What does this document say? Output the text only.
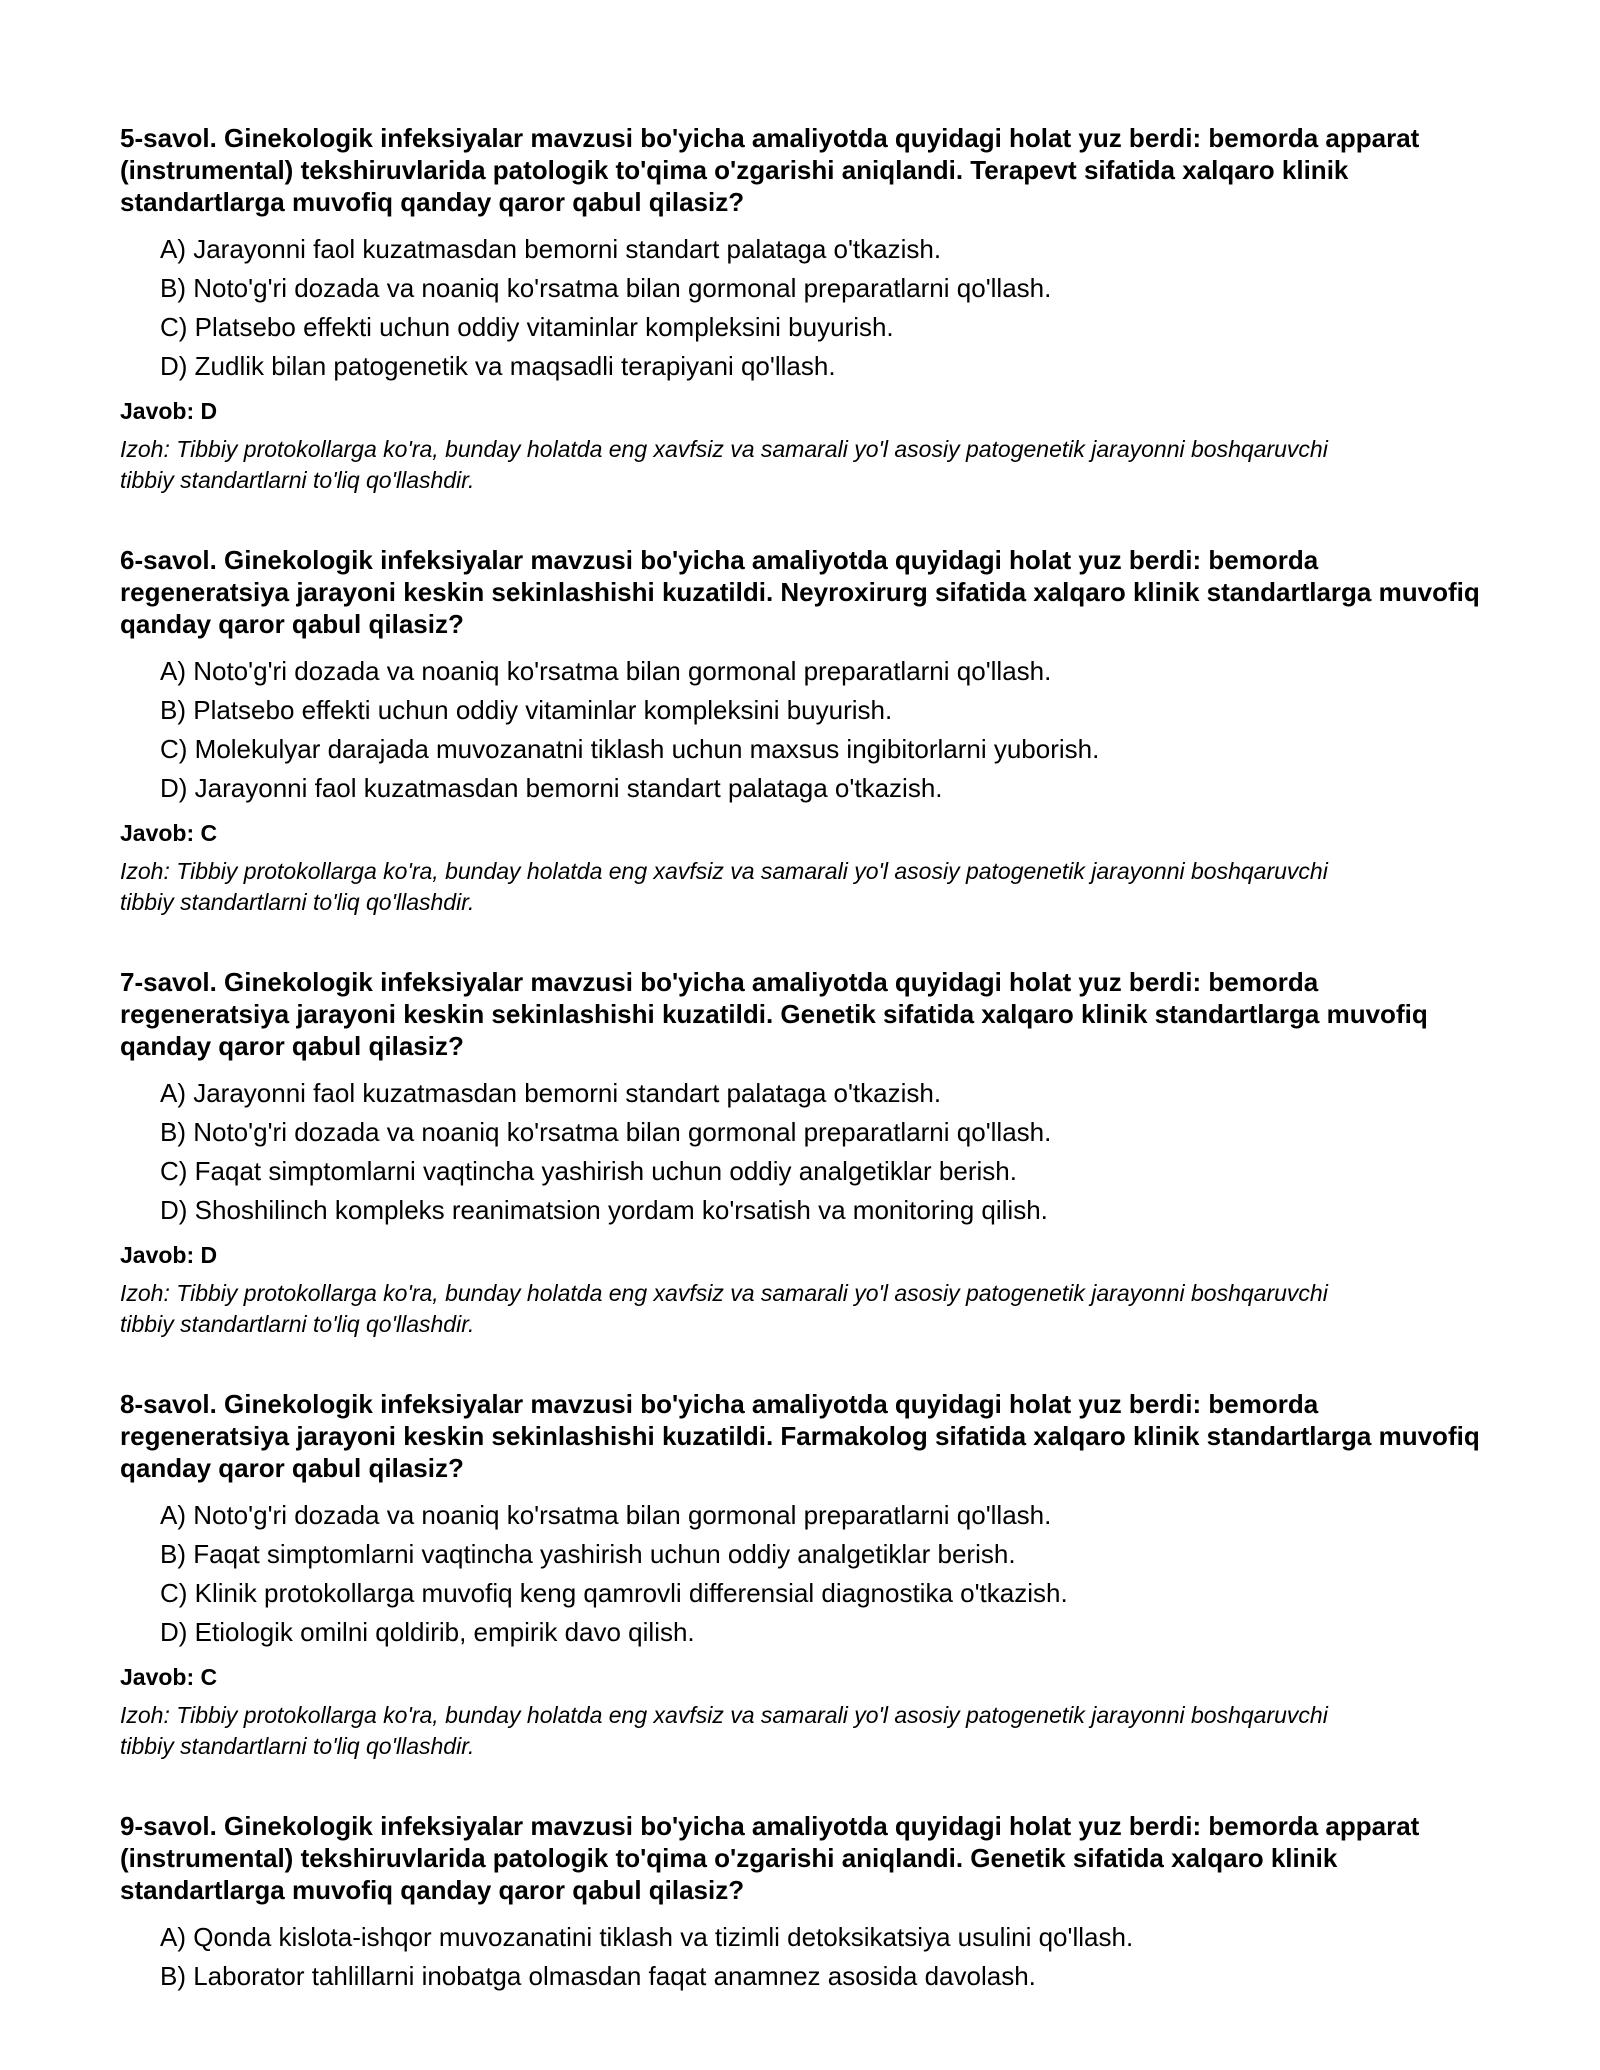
5-savol. Ginekologik infeksiyalar mavzusi bo'yicha amaliyotda quyidagi holat yuz berdi: bemorda apparat (instrumental) tekshiruvlarida patologik to'qima o'zgarishi aniqlandi. Terapevt sifatida xalqaro klinik standartlarga muvofiq qanday qaror qabul qilasiz?
A) Jarayonni faol kuzatmasdan bemorni standart palataga o'tkazish.
B) Noto'g'ri dozada va noaniq ko'rsatma bilan gormonal preparatlarni qo'llash.
C) Platsebo effekti uchun oddiy vitaminlar kompleksini buyurish.
D) Zudlik bilan patogenetik va maqsadli terapiyani qo'llash.
Javob: D
Izoh: Tibbiy protokollarga ko'ra, bunday holatda eng xavfsiz va samarali yo'l asosiy patogenetik jarayonni boshqaruvchi tibbiy standartlarni to'liq qo'llashdir.
6-savol. Ginekologik infeksiyalar mavzusi bo'yicha amaliyotda quyidagi holat yuz berdi: bemorda regeneratsiya jarayoni keskin sekinlashishi kuzatildi. Neyroxirurg sifatida xalqaro klinik standartlarga muvofiq qanday qaror qabul qilasiz?
A) Noto'g'ri dozada va noaniq ko'rsatma bilan gormonal preparatlarni qo'llash.
B) Platsebo effekti uchun oddiy vitaminlar kompleksini buyurish.
C) Molekulyar darajada muvozanatni tiklash uchun maxsus ingibitorlarni yuborish.
D) Jarayonni faol kuzatmasdan bemorni standart palataga o'tkazish.
Javob: C
Izoh: Tibbiy protokollarga ko'ra, bunday holatda eng xavfsiz va samarali yo'l asosiy patogenetik jarayonni boshqaruvchi tibbiy standartlarni to'liq qo'llashdir.
7-savol. Ginekologik infeksiyalar mavzusi bo'yicha amaliyotda quyidagi holat yuz berdi: bemorda regeneratsiya jarayoni keskin sekinlashishi kuzatildi. Genetik sifatida xalqaro klinik standartlarga muvofiq qanday qaror qabul qilasiz?
A) Jarayonni faol kuzatmasdan bemorni standart palataga o'tkazish.
B) Noto'g'ri dozada va noaniq ko'rsatma bilan gormonal preparatlarni qo'llash.
C) Faqat simptomlarni vaqtincha yashirish uchun oddiy analgetiklar berish.
D) Shoshilinch kompleks reanimatsion yordam ko'rsatish va monitoring qilish.
Javob: D
Izoh: Tibbiy protokollarga ko'ra, bunday holatda eng xavfsiz va samarali yo'l asosiy patogenetik jarayonni boshqaruvchi tibbiy standartlarni to'liq qo'llashdir.
8-savol. Ginekologik infeksiyalar mavzusi bo'yicha amaliyotda quyidagi holat yuz berdi: bemorda regeneratsiya jarayoni keskin sekinlashishi kuzatildi. Farmakolog sifatida xalqaro klinik standartlarga muvofiq qanday qaror qabul qilasiz?
A) Noto'g'ri dozada va noaniq ko'rsatma bilan gormonal preparatlarni qo'llash.
B) Faqat simptomlarni vaqtincha yashirish uchun oddiy analgetiklar berish.
C) Klinik protokollarga muvofiq keng qamrovli differensial diagnostika o'tkazish.
D) Etiologik omilni qoldirib, empirik davo qilish.
Javob: C
Izoh: Tibbiy protokollarga ko'ra, bunday holatda eng xavfsiz va samarali yo'l asosiy patogenetik jarayonni boshqaruvchi tibbiy standartlarni to'liq qo'llashdir.
9-savol. Ginekologik infeksiyalar mavzusi bo'yicha amaliyotda quyidagi holat yuz berdi: bemorda apparat (instrumental) tekshiruvlarida patologik to'qima o'zgarishi aniqlandi. Genetik sifatida xalqaro klinik standartlarga muvofiq qanday qaror qabul qilasiz?
A) Qonda kislota-ishqor muvozanatini tiklash va tizimli detoksikatsiya usulini qo'llash.
B) Laborator tahlillarni inobatga olmasdan faqat anamnez asosida davolash.
